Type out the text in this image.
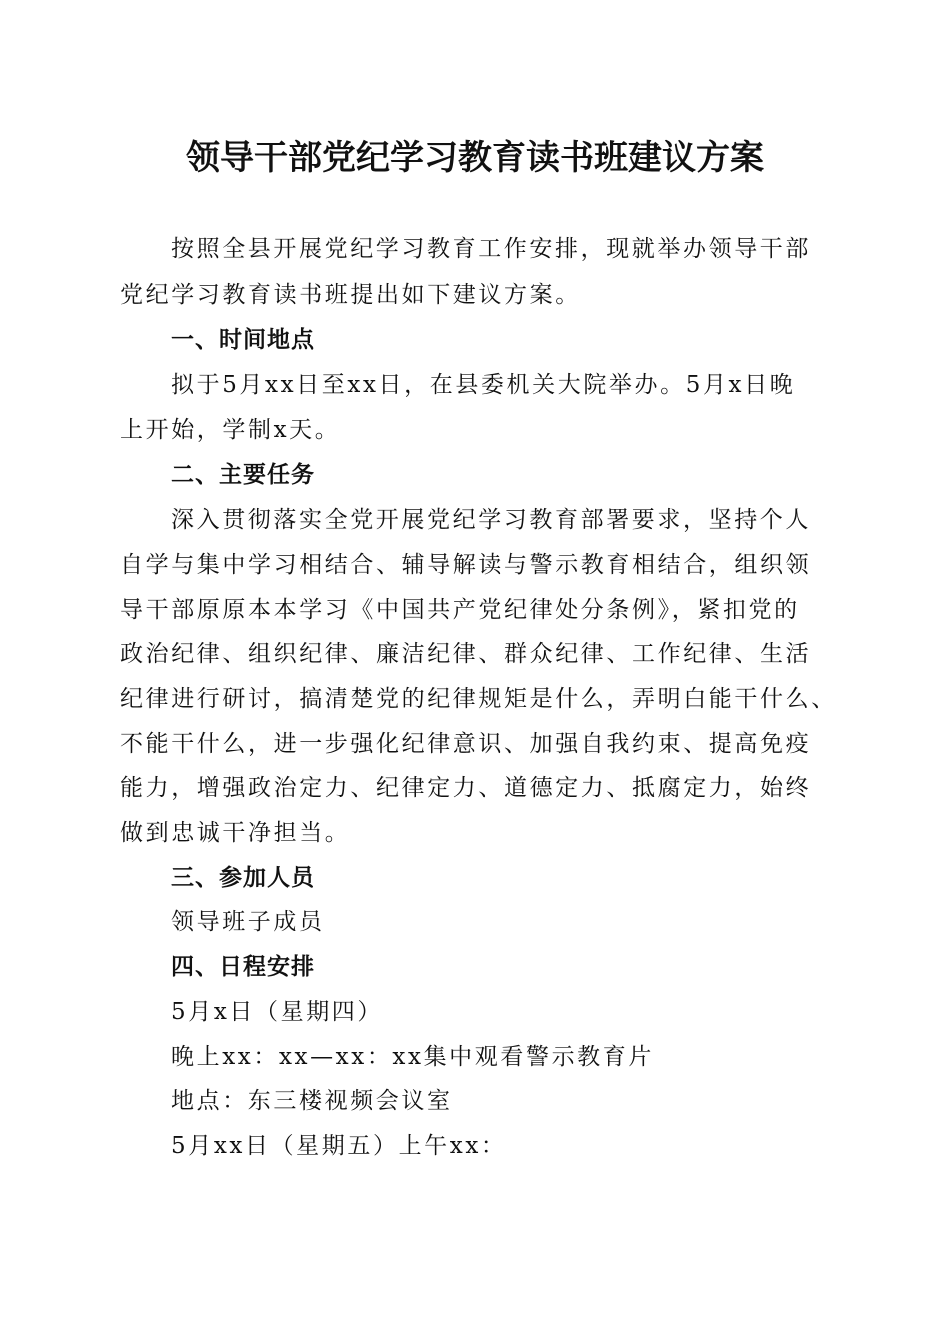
领导干部党纪学习教育读书班建议方案

按照全县开展党纪学习教育工作安排，现就举办领导干部

党纪学习教育读书班提出如下建议方案。

一、时间地点

拟于5月xx日至xx日，在县委机关大院举办。5月x日晚

上开始，学制x天。

二、主要任务

深入贯彻落实全党开展党纪学习教育部署要求，坚持个人

自学与集中学习相结合、辅导解读与警示教育相结合，组织领

导干部原原本本学习《中国共产党纪律处分条例》，紧扣党的

政治纪律、组织纪律、廉洁纪律、群众纪律、工作纪律、生活

纪律进行研讨，搞清楚党的纪律规矩是什么，弄明白能干什么、

不能干什么，进一步强化纪律意识、加强自我约束、提高免疫

能力，增强政治定力、纪律定力、道德定力、抵腐定力，始终

做到忠诚干净担当。

三、参加人员

领导班子成员

四、日程安排

5月x日（星期四）

晚上xx：xx—xx：xx集中观看警示教育片

地点：东三楼视频会议室

5月xx日（星期五）上午xx：
